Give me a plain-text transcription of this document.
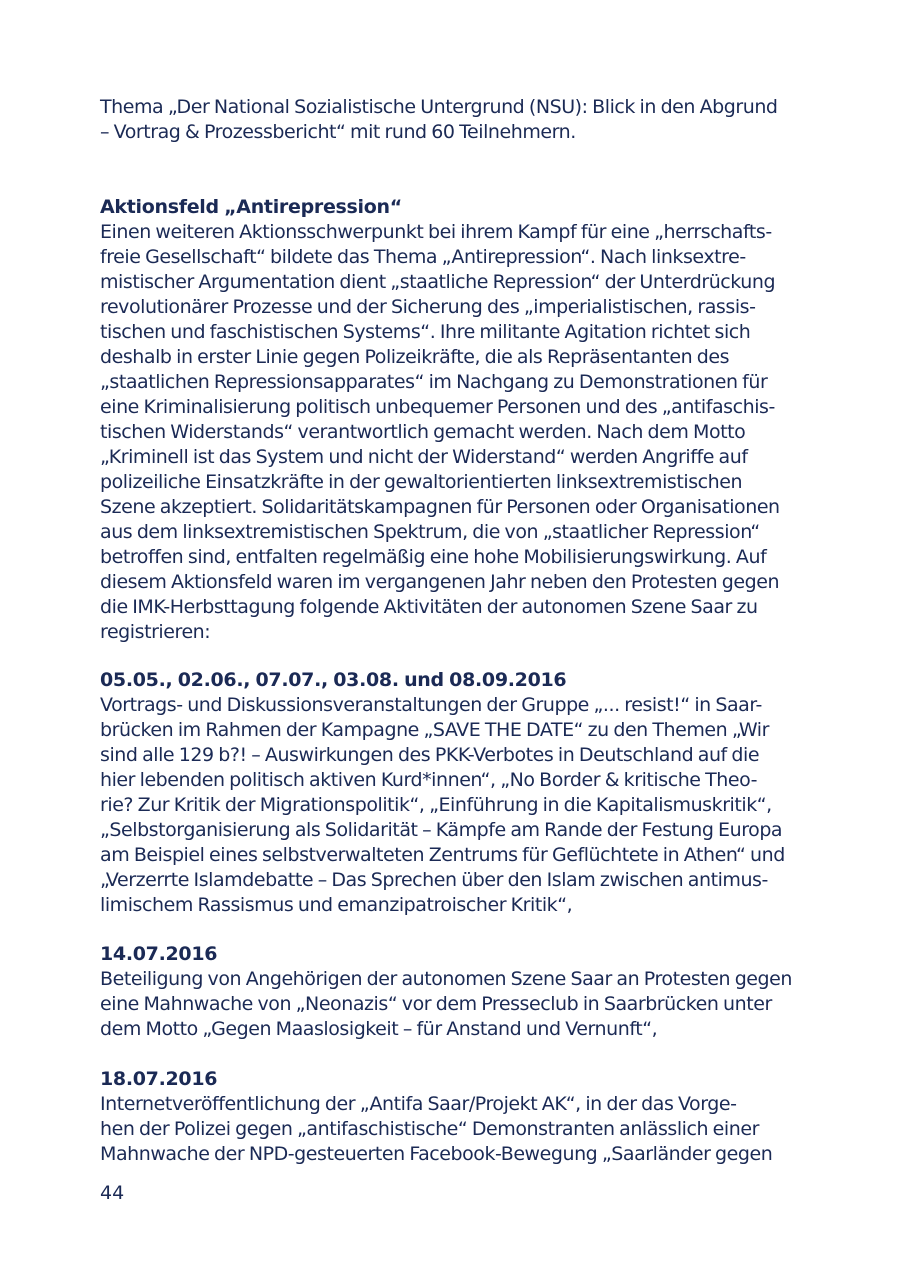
Thema „Der National Sozialistische Untergrund (NSU): Blick in den Abgrund
– Vortrag & Prozessbericht“ mit rund 60 Teilnehmern.
Aktionsfeld „Antirepression“
Einen weiteren Aktionsschwerpunkt bei ihrem Kampf für eine „herrschafts-
freie Gesellschaft“ bildete das Thema „Antirepression“. Nach linksextre-
mistischer Argumentation dient „staatliche Repression“ der Unterdrückung
revolutionärer Prozesse und der Sicherung des „imperialistischen, rassis-
tischen und faschistischen Systems“. Ihre militante Agitation richtet sich
deshalb in erster Linie gegen Polizeikräfte, die als Repräsentanten des
„staatlichen Repressionsapparates“ im Nachgang zu Demonstrationen für
eine Kriminalisierung politisch unbequemer Personen und des „antifaschis-
tischen Widerstands“ verantwortlich gemacht werden. Nach dem Motto
„Kriminell ist das System und nicht der Widerstand“ werden Angriffe auf
polizeiliche Einsatzkräfte in der gewaltorientierten linksextremistischen
Szene akzeptiert. Solidaritätskampagnen für Personen oder Organisationen
aus dem linksextremistischen Spektrum, die von „staatlicher Repression“
betroffen sind, entfalten regelmäßig eine hohe Mobilisierungswirkung. Auf
diesem Aktionsfeld waren im vergangenen Jahr neben den Protesten gegen
die IMK-Herbsttagung folgende Aktivitäten der autonomen Szene Saar zu
registrieren:
05.05., 02.06., 07.07., 03.08. und 08.09.2016
Vortrags- und Diskussionsveranstaltungen der Gruppe „... resist!“ in Saar-
brücken im Rahmen der Kampagne „SAVE THE DATE“ zu den Themen „Wir
sind alle 129 b?! – Auswirkungen des PKK-Verbotes in Deutschland auf die
hier lebenden politisch aktiven Kurd*innen“, „No Border & kritische Theo-
rie? Zur Kritik der Migrationspolitik“, „Einführung in die Kapitalismuskritik“,
„Selbstorganisierung als Solidarität – Kämpfe am Rande der Festung Europa
am Beispiel eines selbstverwalteten Zentrums für Geflüchtete in Athen“ und
„Verzerrte Islamdebatte – Das Sprechen über den Islam zwischen antimus-
limischem Rassismus und emanzipatroischer Kritik“,
14.07.2016
Beteiligung von Angehörigen der autonomen Szene Saar an Protesten gegen
eine Mahnwache von „Neonazis“ vor dem Presseclub in Saarbrücken unter
dem Motto „Gegen Maaslosigkeit – für Anstand und Vernunft“,
18.07.2016
Internetveröffentlichung der „Antifa Saar/Projekt AK“, in der das Vorge-
hen der Polizei gegen „antifaschistische“ Demonstranten anlässlich einer
Mahnwache der NPD-gesteuerten Facebook-Bewegung „Saarländer gegen
44
